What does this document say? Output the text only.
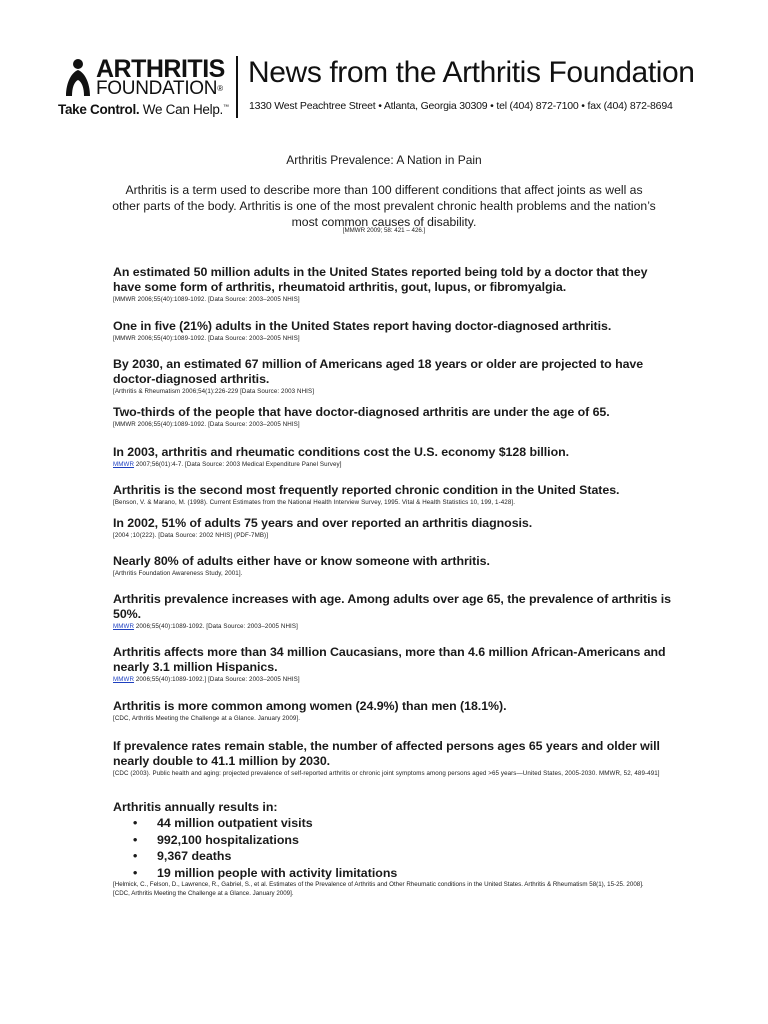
ARTHRITIS
FOUNDATION®
Take Control. We Can Help.™
News from the Arthritis Foundation
1330 West Peachtree Street • Atlanta, Georgia 30309 • tel (404) 872-7100 • fax (404) 872-8694
Arthritis Prevalence: A Nation in Pain
Arthritis is a term used to describe more than 100 different conditions that affect joints as well as other parts of the body. Arthritis is one of the most prevalent chronic health problems and the nation’s most common causes of disability.
[MMWR 2009; 58: 421 – 426.]
An estimated 50 million adults in the United States reported being told by a doctor that they have some form of arthritis, rheumatoid arthritis, gout, lupus, or fibromyalgia.
[MMWR 2006;55(40):1089-1092. [Data Source: 2003–2005 NHIS]
One in five (21%) adults in the United States report having doctor-diagnosed arthritis.
[MMWR 2006;55(40):1089-1092. [Data Source: 2003–2005 NHIS]
By 2030, an estimated 67 million of Americans aged 18 years or older are projected to have doctor-diagnosed arthritis.
[Arthritis & Rheumatism 2006;54(1):226-229 [Data Source: 2003 NHIS]
Two-thirds of the people that have doctor-diagnosed arthritis are under the age of 65.
[MMWR 2006;55(40):1089-1092. [Data Source: 2003–2005 NHIS]
In 2003, arthritis and rheumatic conditions cost the U.S. economy $128 billion.
MMWR 2007;56(01):4-7. [Data Source: 2003 Medical Expenditure Panel Survey]
Arthritis is the second most frequently reported chronic condition in the United States.
[Benson, V. & Marano, M. (1998). Current Estimates from the National Health Interview Survey, 1995. Vital & Health Statistics 10, 199, 1-428].
In 2002, 51% of adults 75 years and over reported an arthritis diagnosis.
[2004 ;10(222). [Data Source: 2002 NHIS] (PDF-7MB)]
Nearly 80% of adults either have or know someone with arthritis.
[Arthritis Foundation Awareness Study, 2001].
Arthritis prevalence increases with age. Among adults over age 65, the prevalence of arthritis is 50%.
MMWR 2006;55(40):1089-1092. [Data Source: 2003–2005 NHIS]
Arthritis affects more than 34 million Caucasians, more than 4.6 million African-Americans and nearly 3.1 million Hispanics.
MMWR 2006;55(40):1089-1092.] [Data Source: 2003–2005 NHIS]
Arthritis is more common among women (24.9%) than men (18.1%).
[CDC, Arthritis Meeting the Challenge at a Glance. January 2009].
If prevalence rates remain stable, the number of affected persons ages 65 years and older will nearly double to 41.1 million by 2030.
[CDC (2003). Public health and aging: projected prevalence of self-reported arthritis or chronic joint symptoms among persons aged >65 years—United States, 2005-2030. MMWR, 52, 489-491]
Arthritis annually results in:
• 44 million outpatient visits
• 992,100 hospitalizations
• 9,367 deaths
• 19 million people with activity limitations
[Helmick, C., Felson, D., Lawrence, R., Gabriel, S., et al. Estimates of the Prevalence of Arthritis and Other Rheumatic conditions in the United States. Arthritis & Rheumatism 58(1), 15-25. 2008].
[CDC, Arthritis Meeting the Challenge at a Glance. January 2009].
